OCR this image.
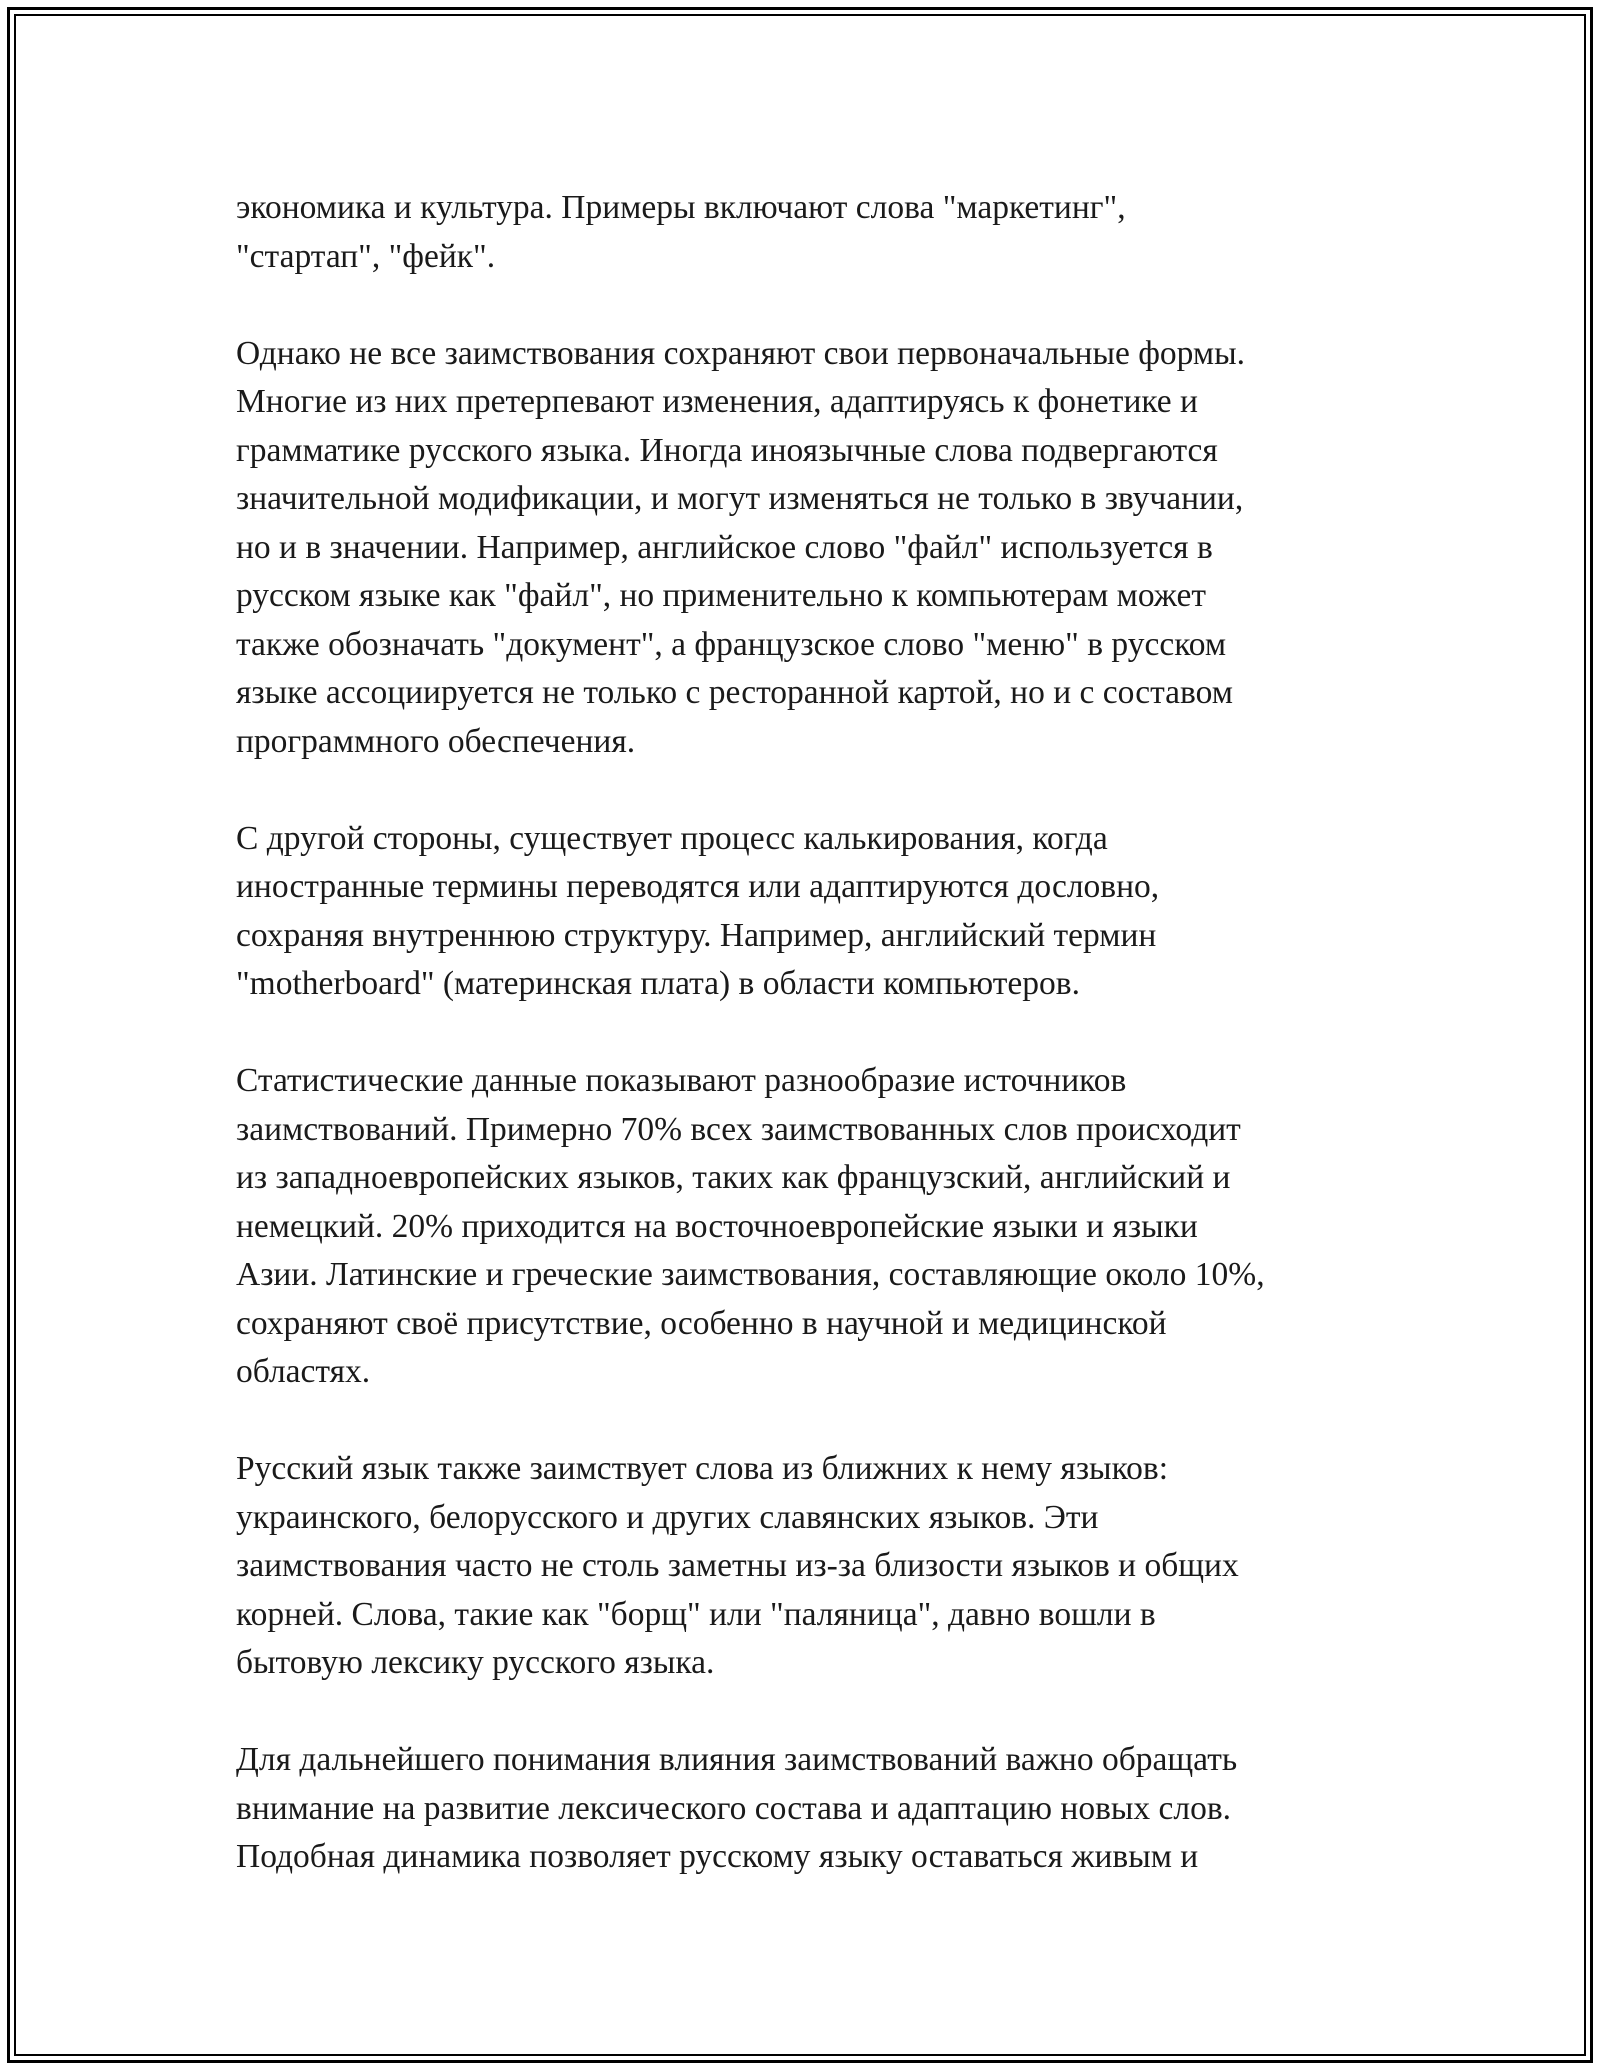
экономика и культура. Примеры включают слова "маркетинг",
"стартап", "фейк".

Однако не все заимствования сохраняют свои первоначальные формы.
Многие из них претерпевают изменения, адаптируясь к фонетике и
грамматике русского языка. Иногда иноязычные слова подвергаются
значительной модификации, и могут изменяться не только в звучании,
но и в значении. Например, английское слово "файл" используется в
русском языке как "файл", но применительно к компьютерам может
также обозначать "документ", а французское слово "меню" в русском
языке ассоциируется не только с ресторанной картой, но и с составом
программного обеспечения.

С другой стороны, существует процесс калькирования, когда
иностранные термины переводятся или адаптируются дословно,
сохраняя внутреннюю структуру. Например, английский термин
"motherboard" (материнская плата) в области компьютеров.

Статистические данные показывают разнообразие источников
заимствований. Примерно 70% всех заимствованных слов происходит
из западноевропейских языков, таких как французский, английский и
немецкий. 20% приходится на восточноевропейские языки и языки
Азии. Латинские и греческие заимствования, составляющие около 10%,
сохраняют своё присутствие, особенно в научной и медицинской
областях.

Русский язык также заимствует слова из ближних к нему языков:
украинского, белорусского и других славянских языков. Эти
заимствования часто не столь заметны из-за близости языков и общих
корней. Слова, такие как "борщ" или "паляница", давно вошли в
бытовую лексику русского языка.

Для дальнейшего понимания влияния заимствований важно обращать
внимание на развитие лексического состава и адаптацию новых слов.
Подобная динамика позволяет русскому языку оставаться живым и
